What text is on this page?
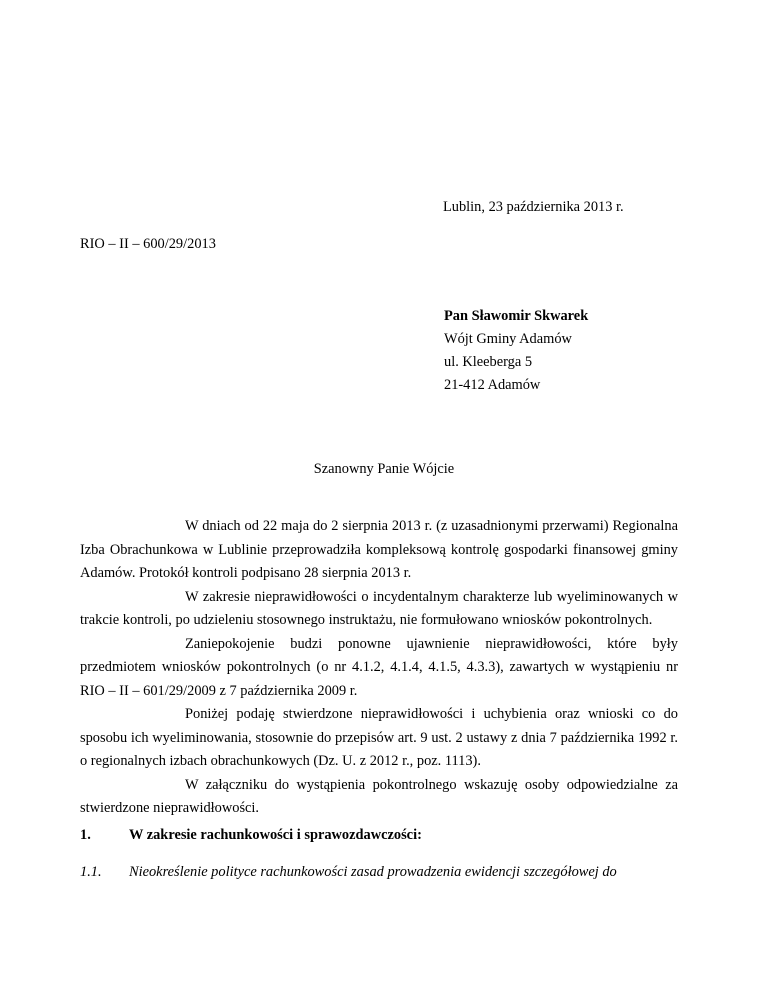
Lublin, 23 października 2013 r.
RIO – II – 600/29/2013
Pan Sławomir Skwarek
Wójt Gminy Adamów
ul. Kleeberga 5
21-412 Adamów
Szanowny Panie Wójcie

W dniach od 22 maja do 2 sierpnia 2013 r. (z uzasadnionymi przerwami) Regionalna Izba Obrachunkowa w Lublinie przeprowadziła kompleksową kontrolę gospodarki finansowej gminy Adamów. Protokół kontroli podpisano 28 sierpnia 2013 r.

W zakresie nieprawidłowości o incydentalnym charakterze lub wyeliminowanych w trakcie kontroli, po udzieleniu stosownego instruktażu, nie formułowano wniosków pokontrolnych.

Zaniepokojenie budzi ponowne ujawnienie nieprawidłowości, które były przedmiotem wniosków pokontrolnych (o nr 4.1.2, 4.1.4, 4.1.5, 4.3.3), zawartych w wystąpieniu nr RIO – II – 601/29/2009 z 7 października 2009 r.

Poniżej podaję stwierdzone nieprawidłowości i uchybienia oraz wnioski co do sposobu ich wyeliminowania, stosownie do przepisów art. 9 ust. 2 ustawy z dnia 7 października 1992 r. o regionalnych izbach obrachunkowych (Dz. U. z 2012 r., poz. 1113).

W załączniku do wystąpienia pokontrolnego wskazuję osoby odpowiedzialne za stwierdzone nieprawidłowości.

1.	W zakresie rachunkowości i sprawozdawczości:
1.1. Nieokreślenie polityce rachunkowości zasad prowadzenia ewidencji szczegółowej do
